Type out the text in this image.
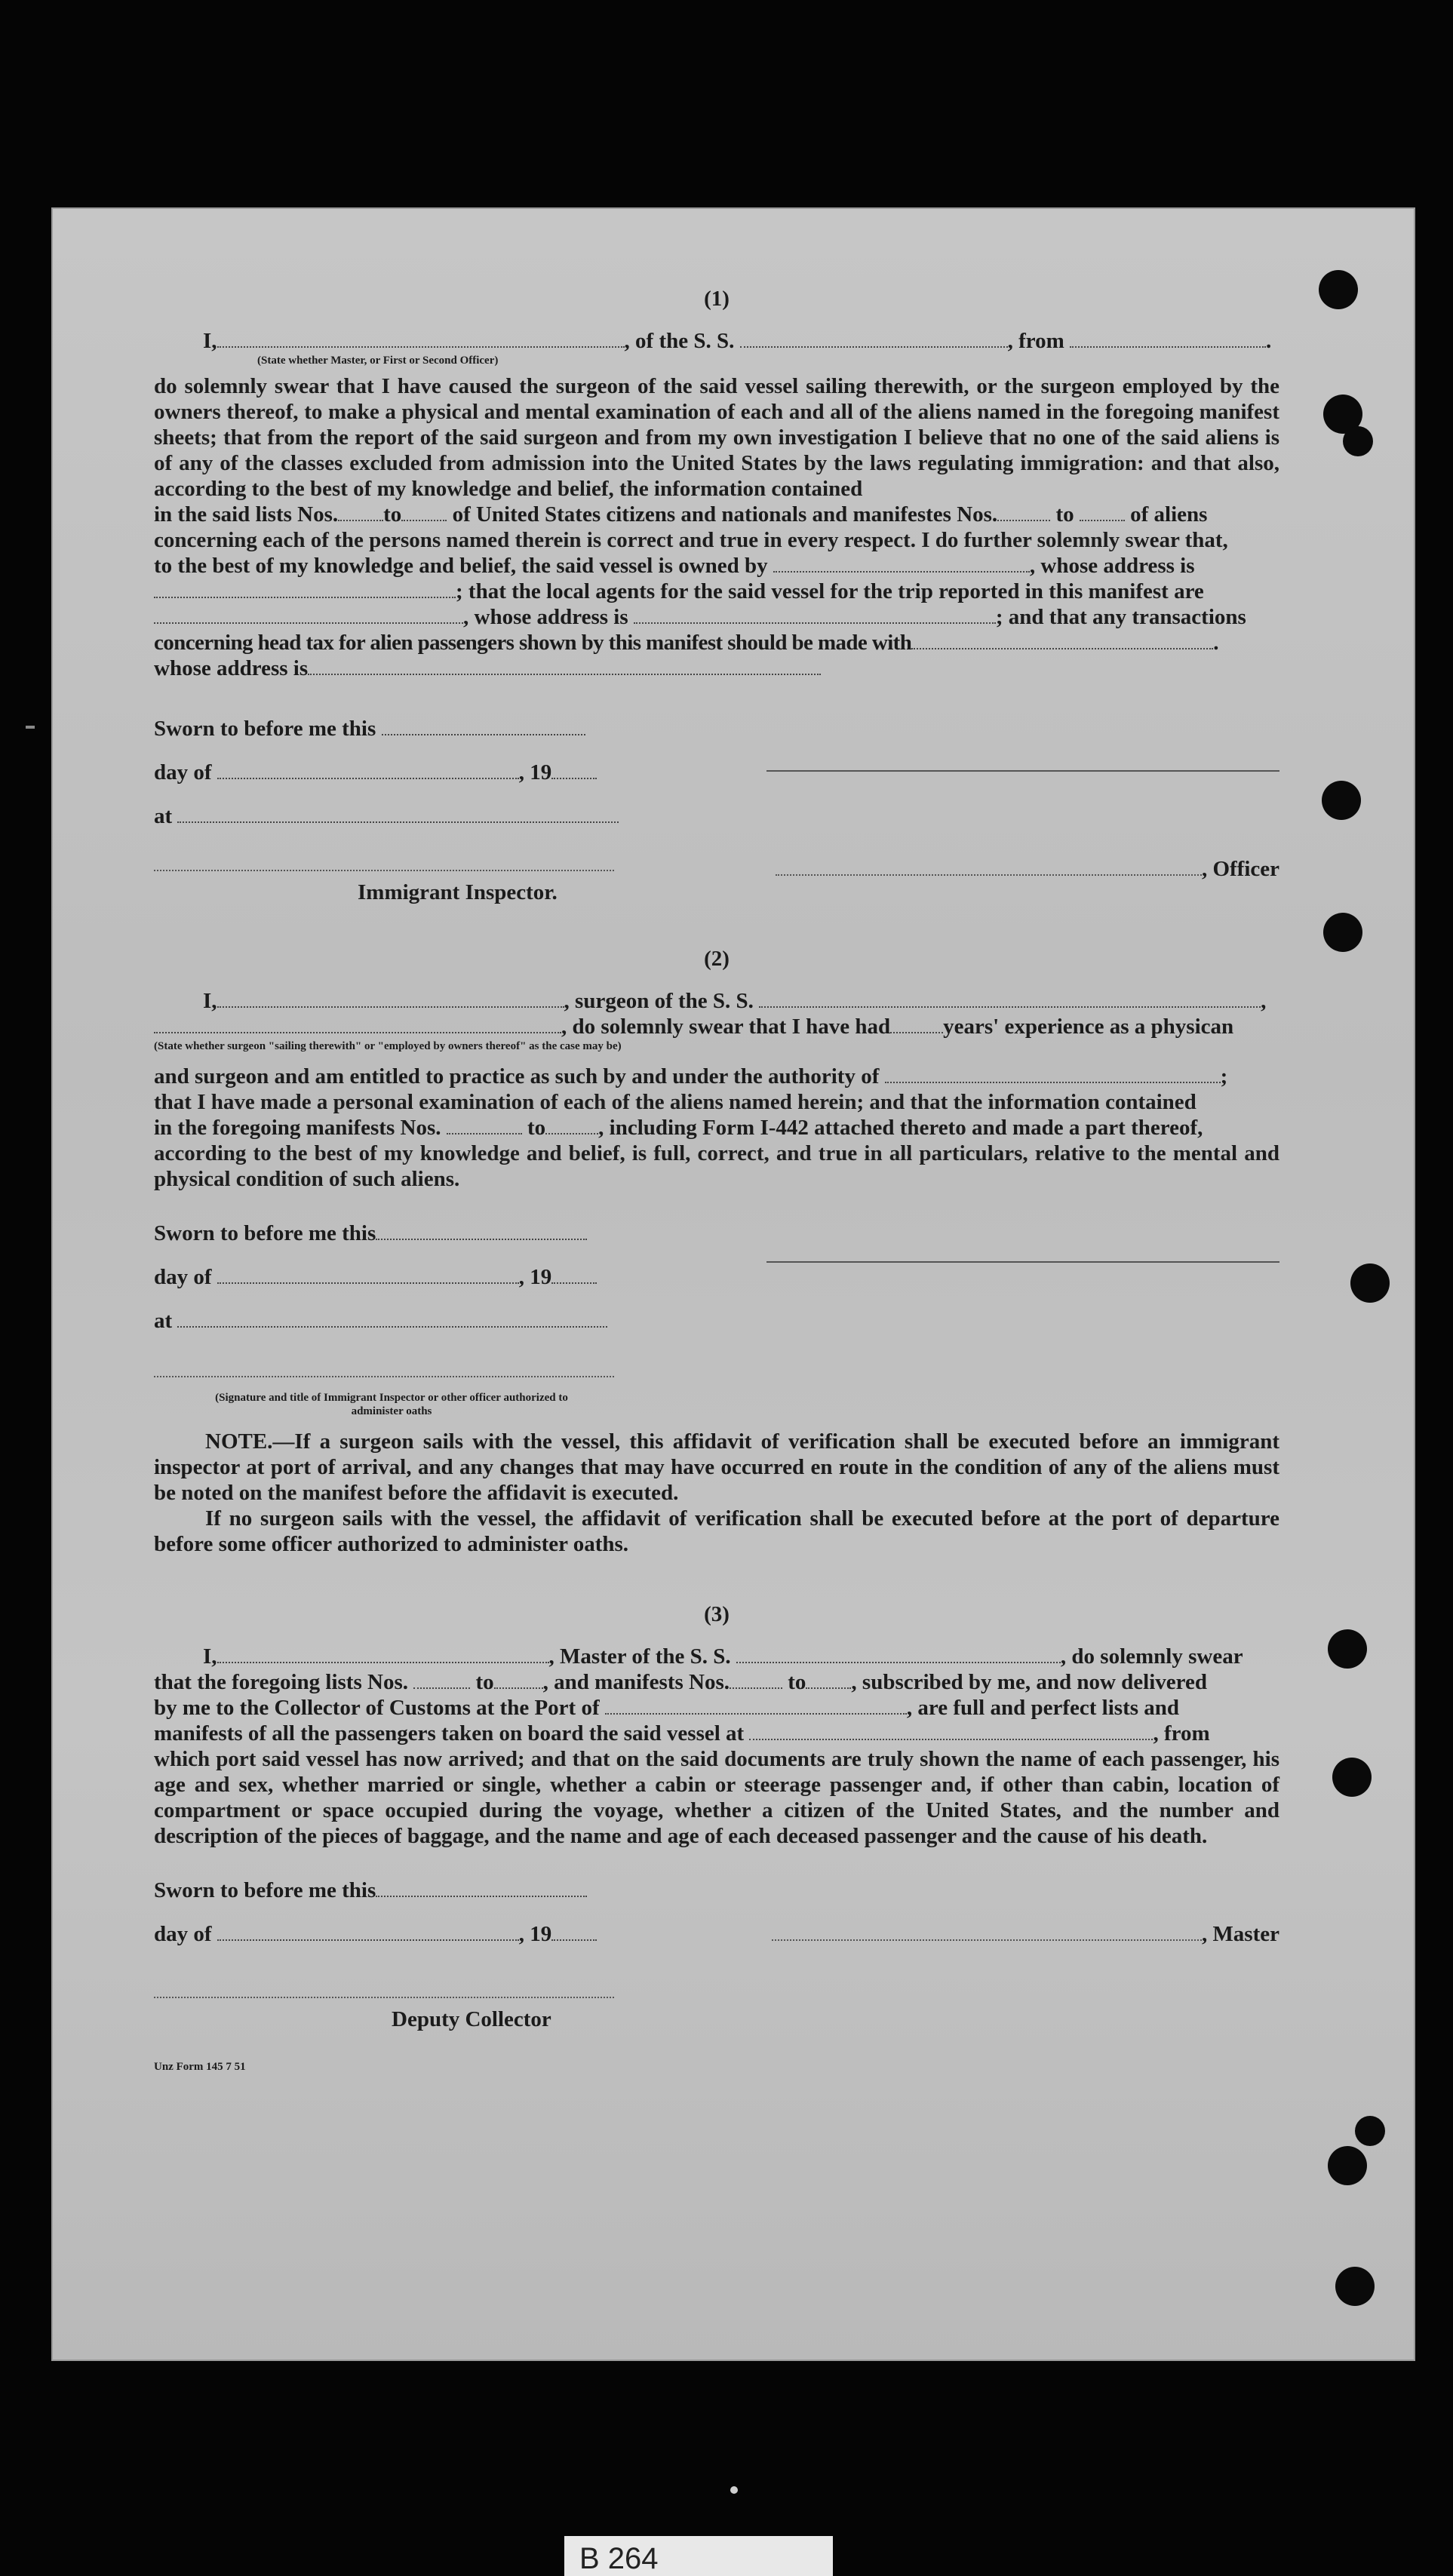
(1)
I,	, of the S. S.	, from	.
(State whether Master, or First or Second Officer)
do solemnly swear that I have caused the surgeon of the said vessel sailing therewith, or the surgeon employed by the owners thereof, to make a physical and mental examination of each and all of the aliens named in the foregoing manifest sheets; that from the report of the said surgeon and from my own investigation I believe that no one of the said aliens is of any of the classes excluded from admission into the United States by the laws regulating immigration: and that also, according to the best of my knowledge and belief, the information contained
in the said lists Nos. to of United States citizens and nationals and manifestes Nos.	to	of aliens
concerning each of the persons named therein is correct and true in every respect. I do further solemnly swear that,
to the best of my knowledge and belief, the said vessel is owned by	, whose address is
; that the local agents for the said vessel for the trip reported in this manifest are
, whose address is	; and that any transactions
concerning head tax for alien passengers shown by this manifest should be made with	.
whose address is
Sworn to before me this
day of	, 19
at
, Officer
Immigrant Inspector.
(2)
I,	, surgeon of the S. S.	,
, do solemnly swear that I have had years' experience as a physican
(State whether surgeon "sailing therewith" or "employed by owners thereof" as the case may be)
and surgeon and am entitled to practice as such by and under the authority of	;
that I have made a personal examination of each of the aliens named herein; and that the information contained
in the foregoing manifests Nos.	to , including Form I-442 attached thereto and made a part thereof,
according to the best of my knowledge and belief, is full, correct, and true in all particulars, relative to the mental and physical condition of such aliens.
Sworn to before me this
day of	, 19
at
(Signature and title of Immigrant Inspector or other officer authorized to administer oaths
NOTE.—If a surgeon sails with the vessel, this affidavit of verification shall be executed before an immigrant inspector at port of arrival, and any changes that may have occurred en route in the condition of any of the aliens must be noted on the manifest before the affidavit is executed.
If no surgeon sails with the vessel, the affidavit of verification shall be executed before at the port of departure before some officer authorized to administer oaths.
(3)
I,	, Master of the S. S.	, do solemnly swear
that the foregoing lists Nos.	to , and manifests Nos.	to , subscribed by me, and now delivered
by me to the Collector of Customs at the Port of	, are full and perfect lists and
manifests of all the passengers taken on board the said vessel at	, from
which port said vessel has now arrived; and that on the said documents are truly shown the name of each passenger, his age and sex, whether married or single, whether a cabin or steerage passenger and, if other than cabin, location of compartment or space occupied during the voyage, whether a citizen of the United States, and the number and description of the pieces of baggage, and the name and age of each deceased passenger and the cause of his death.
Sworn to before me this
day of	, 19	, Master
Deputy Collector
Unz Form 145 7 51
B 264
